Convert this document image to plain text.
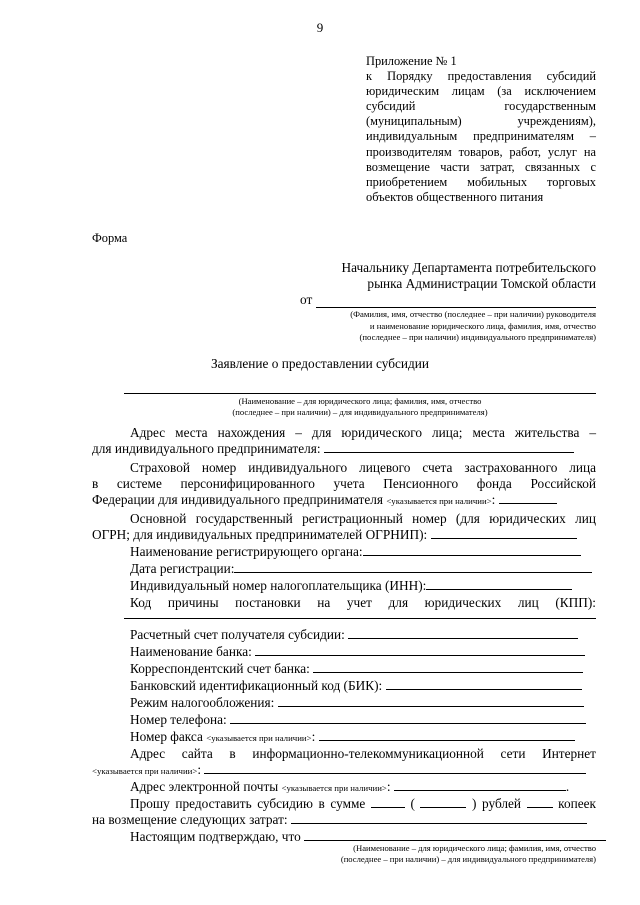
9
Приложение № 1
к Порядку предоставления субсидий юридическим лицам (за исключением субсидий государственным (муниципальным) учреждениям), индивидуальным предпринимателям – производителям товаров, работ, услуг на возмещение части затрат, связанных с приобретением мобильных торговых объектов общественного питания
Форма
Начальнику Департамента потребительского
рынка Администрации Томской области
от
(Фамилия, имя, отчество (последнее – при наличии) руководителя
и наименование юридического лица, фамилия, имя, отчество
(последнее – при наличии) индивидуального предпринимателя)
Заявление о предоставлении субсидии
(Наименование – для юридического лица; фамилия, имя, отчество
(последнее – при наличии) – для индивидуального предпринимателя)
Адрес места нахождения – для юридического лица; места жительства –
для индивидуального предпринимателя:
Страховой номер индивидуального лицевого счета застрахованного лица
в системе персонифицированного учета Пенсионного фонда Российской
Федерации для индивидуального предпринимателя <указывается при наличии>:
Основной государственный регистрационный номер (для юридических лиц
ОГРН; для индивидуальных предпринимателей ОГРНИП):
Наименование регистрирующего органа:
Дата регистрации:
Индивидуальный номер налогоплательщика (ИНН):
Код причины постановки на учет для юридических лиц (КПП):
Расчетный счет получателя субсидии:
Наименование банка:
Корреспондентский счет банка:
Банковский идентификационный код (БИК):
Режим налогообложения:
Номер телефона:
Номер факса <указывается при наличии>:
Адрес сайта в информационно-телекоммуникационной сети Интернет
<указывается при наличии>:
Адрес электронной почты <указывается при наличии>:	.
Прошу предоставить субсидию в сумме	(	) рублей	копеек
на возмещение следующих затрат:
Настоящим подтверждаю, что
(Наименование – для юридического лица; фамилия, имя, отчество
(последнее – при наличии) – для индивидуального предпринимателя)
